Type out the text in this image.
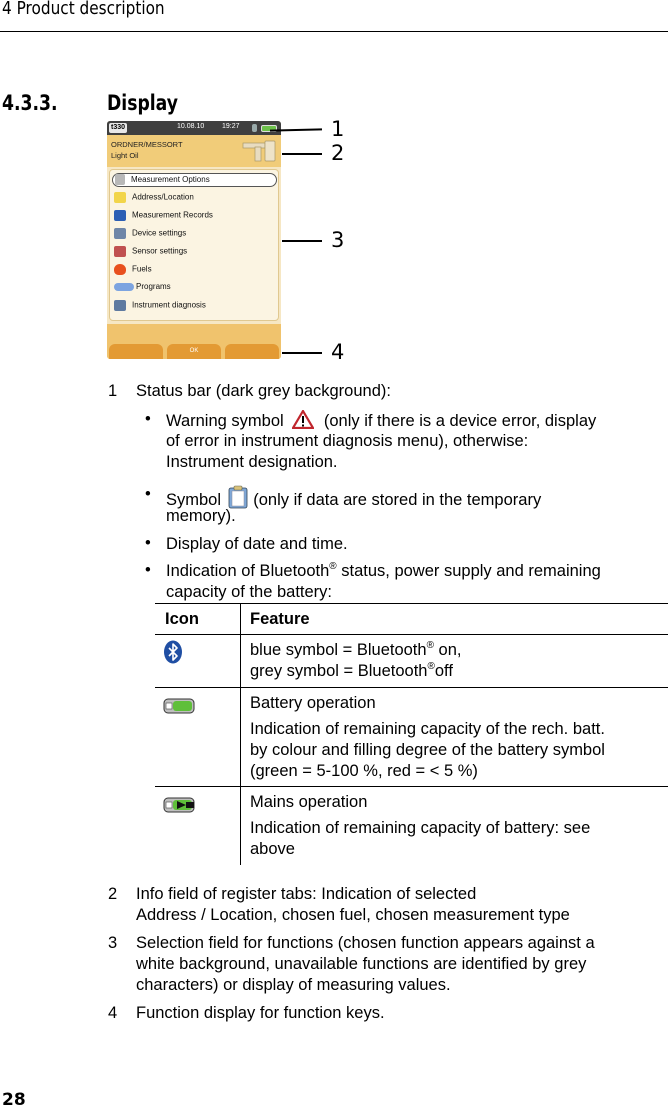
4 Product description
4.3.3. Display
t330	10.08.10	19:27
ORDNER/MESSORT
Light Oil
Measurement Options
Address/Location
Measurement Records
Device settings
Sensor settings
Fuels
Programs
Instrument diagnosis
OK
1
2
3
4
1 Status bar (dark grey background):
• Warning symbol (only if there is a device error, display
of error in instrument diagnosis menu), otherwise:
Instrument designation.
• Symbol (only if data are stored in the temporary
memory).
• Display of date and time.
• Indication of Bluetooth® status, power supply and remaining
capacity of the battery:
Icon	Feature
blue symbol = Bluetooth® on,
grey symbol = Bluetooth®off
Battery operation
Indication of remaining capacity of the rech. batt.
by colour and filling degree of the battery symbol
(green = 5-100 %, red = < 5 %)
Mains operation
Indication of remaining capacity of battery: see
above
2 Info field of register tabs: Indication of selected
Address / Location, chosen fuel, chosen measurement type
3 Selection field for functions (chosen function appears against a
white background, unavailable functions are identified by grey
characters) or display of measuring values.
4 Function display for function keys.
28
